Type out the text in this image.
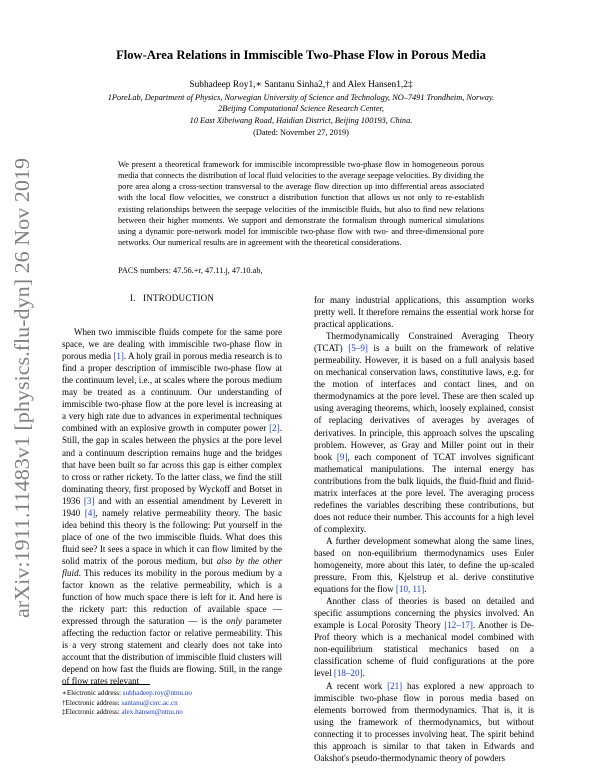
arXiv:1911.11483v1 [physics.flu-dyn] 26 Nov 2019
Flow-Area Relations in Immiscible Two-Phase Flow in Porous Media
Subhadeep Roy1,∗ Santanu Sinha2,† and Alex Hansen1,2‡
1PoreLab, Department of Physics, Norwegian University of Science and Technology, NO–7491 Trondheim, Norway.
2Beijing Computational Science Research Center,
10 East Xibeiwang Road, Haidian District, Beijing 100193, China.
(Dated: November 27, 2019)

We present a theoretical framework for immiscible incompressible two-phase flow in homogeneous porous media that connects the distribution of local fluid velocities to the average seepage velocities. By dividing the pore area along a cross-section transversal to the average flow direction up into differential areas associated with the local flow velocities, we construct a distribution function that allows us not only to re-establish existing relationships between the seepage velocities of the immiscible fluids, but also to find new relations between their higher moments. We support and demonstrate the formalism through numerical simulations using a dynamic pore-network model for immiscible two-phase flow with two- and three-dimensional pore networks. Our numerical results are in agreement with the theoretical considerations.

PACS numbers: 47.56.+r, 47.11.j, 47.10.ab,
I. INTRODUCTION

When two immiscible fluids compete for the same pore space, we are dealing with immiscible two-phase flow in porous media [1]. A holy grail in porous media research is to find a proper description of immiscible two-phase flow at the continuum level, i.e., at scales where the porous medium may be treated as a continuum. Our understanding of immiscible two-phase flow at the pore level is increasing at a very high rate due to advances in experimental techniques combined with an explosive growth in computer power [2]. Still, the gap in scales between the physics at the pore level and a continuum description remains huge and the bridges that have been built so far across this gap is either complex to cross or rather rickety. To the latter class, we find the still dominating theory, first proposed by Wyckoff and Botset in 1936 [3] and with an essential amendment by Leverett in 1940 [4], namely relative permeability theory. The basic idea behind this theory is the following: Put yourself in the place of one of the two immiscible fluids. What does this fluid see? It sees a space in which it can flow limited by the solid matrix of the porous medium, but also by the other fluid. This reduces its mobility in the porous medium by a factor known as the relative permeability, which is a function of how much space there is left for it. And here is the rickety part: this reduction of available space — expressed through the saturation — is the only parameter affecting the reduction factor or relative permeability. This is a very strong statement and clearly does not take into account that the distribution of immiscible fluid clusters will depend on how fast the fluids are flowing. Still, in the range of flow rates relevant

for many industrial applications, this assumption works pretty well. It therefore remains the essential work horse for practical applications.

Thermodynamically Constrained Averaging Theory (TCAT) [5–9] is a built on the framework of relative permeability. However, it is based on a full analysis based on mechanical conservation laws, constitutive laws, e.g. for the motion of interfaces and contact lines, and on thermodynamics at the pore level. These are then scaled up using averaging theorems, which, loosely explained, consist of replacing derivatives of averages by averages of derivatives. In principle, this approach solves the upscaling problem. However, as Gray and Miller point out in their book [9], each component of TCAT involves significant mathematical manipulations. The internal energy has contributions from the bulk liquids, the fluid-fluid and fluid-matrix interfaces at the pore level. The averaging process redefines the variables describing these contributions, but does not reduce their number. This accounts for a high level of complexity.

A further development somewhat along the same lines, based on non-equilibrium thermodynamics uses Euler homogeneity, more about this later, to define the up-scaled pressure. From this, Kjelstrup et al. derive constitutive equations for the flow [10, 11].

Another class of theories is based on detailed and specific assumptions concerning the physics involved. An example is Local Porosity Theory [12–17]. Another is De-Prof theory which is a mechanical model combined with non-equilibrium statistical mechanics based on a classification scheme of fluid configurations at the pore level [18–20].

A recent work [21] has explored a new approach to immiscible two-phase flow in porous media based on elements borrowed from thermodynamics. That is, it is using the framework of thermodynamics, but without connecting it to processes involving heat. The spirit behind this approach is similar to that taken in Edwards and Oakshot's pseudo-thermodynamic theory of powders

∗Electronic address: subhadeep.roy@ntnu.no
†Electronic address: santanu@csrc.ac.cn
‡Electronic address: alex.hansen@ntnu.no
